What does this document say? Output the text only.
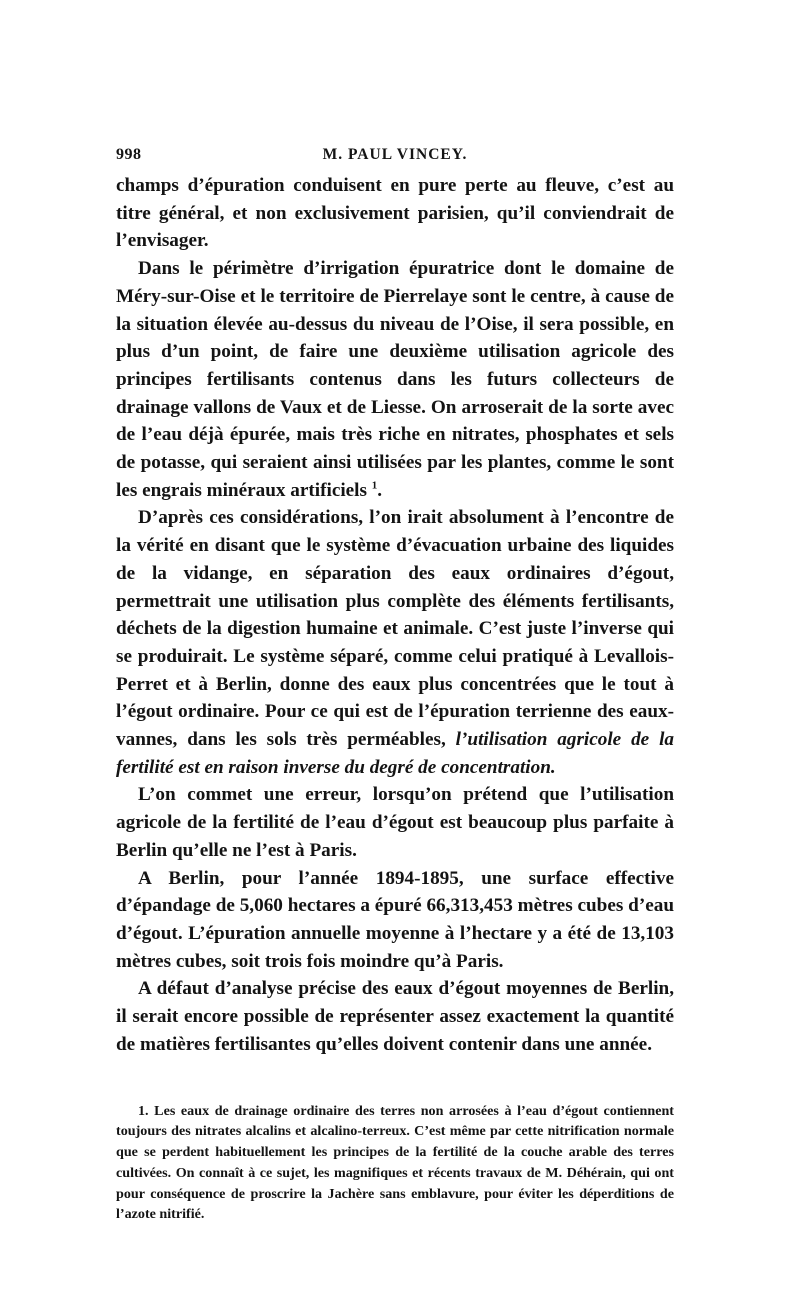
998	M. PAUL VINCEY.

champs d’épuration conduisent en pure perte au fleuve, c’est au titre général, et non exclusivement parisien, qu’il conviendrait de l’envisager.

Dans le périmètre d’irrigation épuratrice dont le domaine de Méry-sur-Oise et le territoire de Pierrelaye sont le centre, à cause de la situation élevée au-dessus du niveau de l’Oise, il sera possible, en plus d’un point, de faire une deuxième utilisation agricole des principes fertilisants contenus dans les futurs collecteurs de drainage vallons de Vaux et de Liesse. On arroserait de la sorte avec de l’eau déjà épurée, mais très riche en nitrates, phosphates et sels de potasse, qui seraient ainsi utilisées par les plantes, comme le sont les engrais minéraux artificiels $^1$.

D’après ces considérations, l’on irait absolument à l’encontre de la vérité en disant que le système d’évacuation urbaine des liquides de la vidange, en séparation des eaux ordinaires d’égout, permettrait une utilisation plus complète des éléments fertilisants, déchets de la digestion humaine et animale. C’est juste l’inverse qui se produirait. Le système séparé, comme celui pratiqué à Levallois-Perret et à Berlin, donne des eaux plus concentrées que le tout à l’égout ordinaire. Pour ce qui est de l’épuration terrienne des eaux-vannes, dans les sols très perméables, l’utilisation agricole de la fertilité est en raison inverse du degré de concentration.

L’on commet une erreur, lorsqu’on prétend que l’utilisation agricole de la fertilité de l’eau d’égout est beaucoup plus parfaite à Berlin qu’elle ne l’est à Paris.

A Berlin, pour l’année 1894-1895, une surface effective d’épandage de 5,060 hectares a épuré 66,313,453 mètres cubes d’eau d’égout. L’épuration annuelle moyenne à l’hectare y a été de 13,103 mètres cubes, soit trois fois moindre qu’à Paris.

A défaut d’analyse précise des eaux d’égout moyennes de Berlin, il serait encore possible de représenter assez exactement la quantité de matières fertilisantes qu’elles doivent contenir dans une année.

1. Les eaux de drainage ordinaire des terres non arrosées à l’eau d’égout contiennent toujours des nitrates alcalins et alcalino-terreux. C’est même par cette nitrification normale que se perdent habituellement les principes de la fertilité de la couche arable des terres cultivées. On connaît à ce sujet, les magnifiques et récents travaux de M. Déhérain, qui ont pour conséquence de proscrire la Jachère sans emblavure, pour éviter les déperditions de l’azote nitrifié.
